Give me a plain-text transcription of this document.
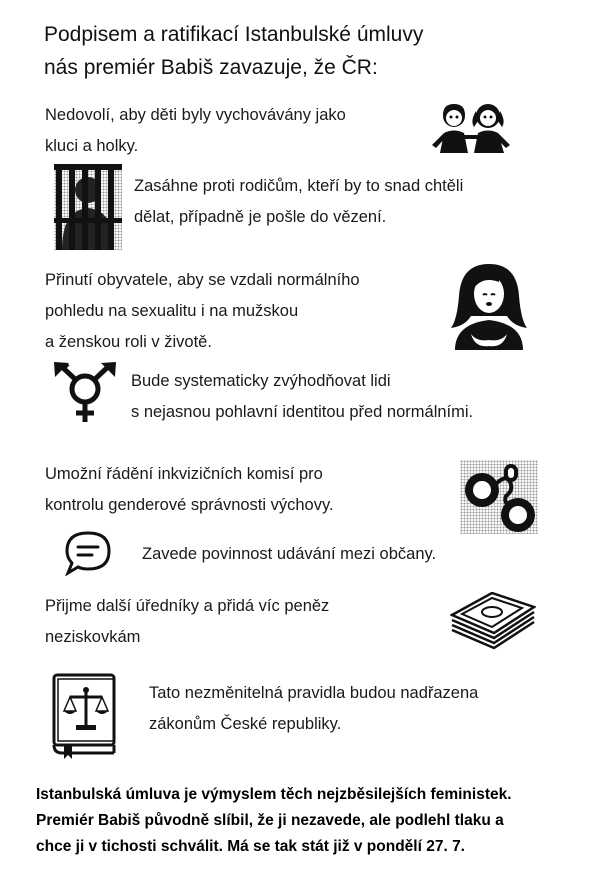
Podpisem a ratifikací Istanbulské úmluvy
nás premiér Babiš zavazuje, že ČR:
Nedovolí, aby děti byly vychovávány jako
kluci a holky.
Zasáhne proti rodičům, kteří by to snad chtěli
dělat, případně je pošle do vězení.
Přinutí obyvatele, aby se vzdali normálního
pohledu na sexualitu i na mužskou
a ženskou roli v životě.
Bude systematicky zvýhodňovat lidi
s nejasnou pohlavní identitou před normálními.
Umožní řádění inkvizičních komisí pro
kontrolu genderové správnosti výchovy.
Zavede povinnost udávání mezi občany.
Přijme další úředníky a přidá víc peněz
neziskovkám
Tato nezměnitelná pravidla budou nadřazena
zákonům České republiky.
Istanbulská úmluva je výmyslem těch nejzběsilejších feministek.
Premiér Babiš původně slíbil, že ji nezavede, ale podlehl tlaku a
chce ji v tichosti schválit. Má se tak stát již v pondělí 27. 7.
